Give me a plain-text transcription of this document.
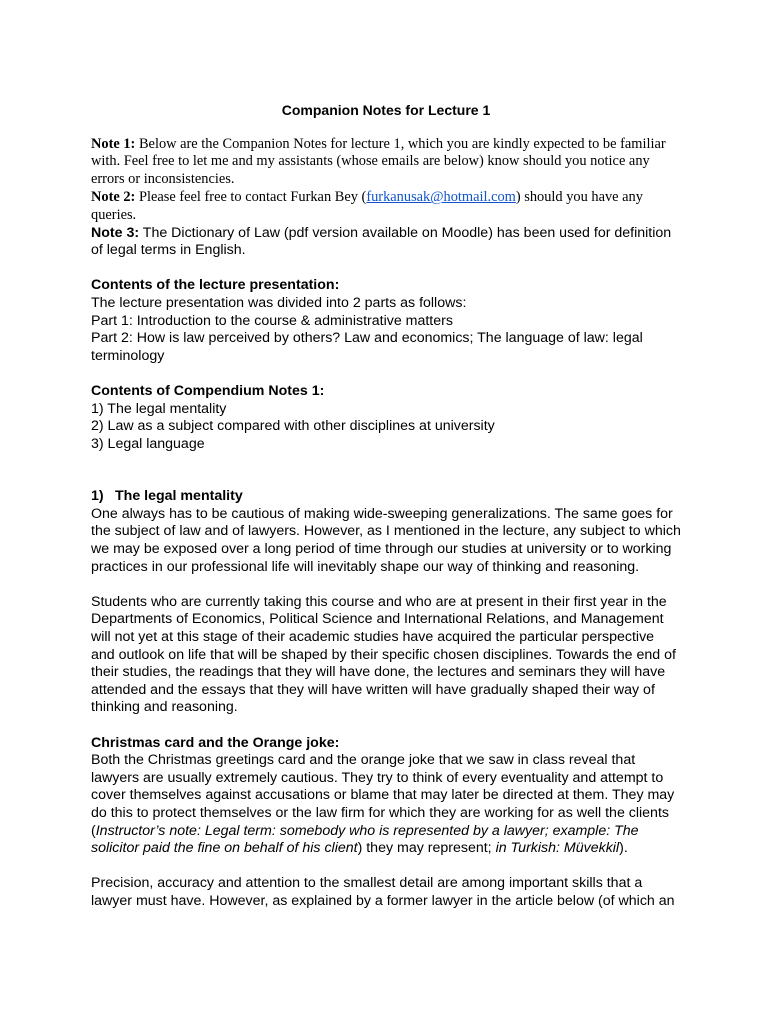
Companion Notes for Lecture 1

Note 1: Below are the Companion Notes for lecture 1, which you are kindly expected to be familiar with. Feel free to let me and my assistants (whose emails are below) know should you notice any errors or inconsistencies.

Note 2: Please feel free to contact Furkan Bey (furkanusak@hotmail.com) should you have any queries.

Note 3: The Dictionary of Law (pdf version available on Moodle) has been used for definition of legal terms in English.

Contents of the lecture presentation:

The lecture presentation was divided into 2 parts as follows:

Part 1: Introduction to the course & administrative matters

Part 2: How is law perceived by others? Law and economics; The language of law: legal terminology

Contents of Compendium Notes 1:

1) The legal mentality

2) Law as a subject compared with other disciplines at university

3) Legal language

1) The legal mentality

One always has to be cautious of making wide-sweeping generalizations. The same goes for the subject of law and of lawyers. However, as I mentioned in the lecture, any subject to which we may be exposed over a long period of time through our studies at university or to working practices in our professional life will inevitably shape our way of thinking and reasoning.

Students who are currently taking this course and who are at present in their first year in the Departments of Economics, Political Science and International Relations, and Management will not yet at this stage of their academic studies have acquired the particular perspective and outlook on life that will be shaped by their specific chosen disciplines. Towards the end of their studies, the readings that they will have done, the lectures and seminars they will have attended and the essays that they will have written will have gradually shaped their way of thinking and reasoning.

Christmas card and the Orange joke:

Both the Christmas greetings card and the orange joke that we saw in class reveal that lawyers are usually extremely cautious. They try to think of every eventuality and attempt to cover themselves against accusations or blame that may later be directed at them. They may do this to protect themselves or the law firm for which they are working for as well the clients (Instructor’s note: Legal term: somebody who is represented by a lawyer; example: The solicitor paid the fine on behalf of his client) they may represent; in Turkish: Müvekkil).

Precision, accuracy and attention to the smallest detail are among important skills that a lawyer must have. However, as explained by a former lawyer in the article below (of which an
